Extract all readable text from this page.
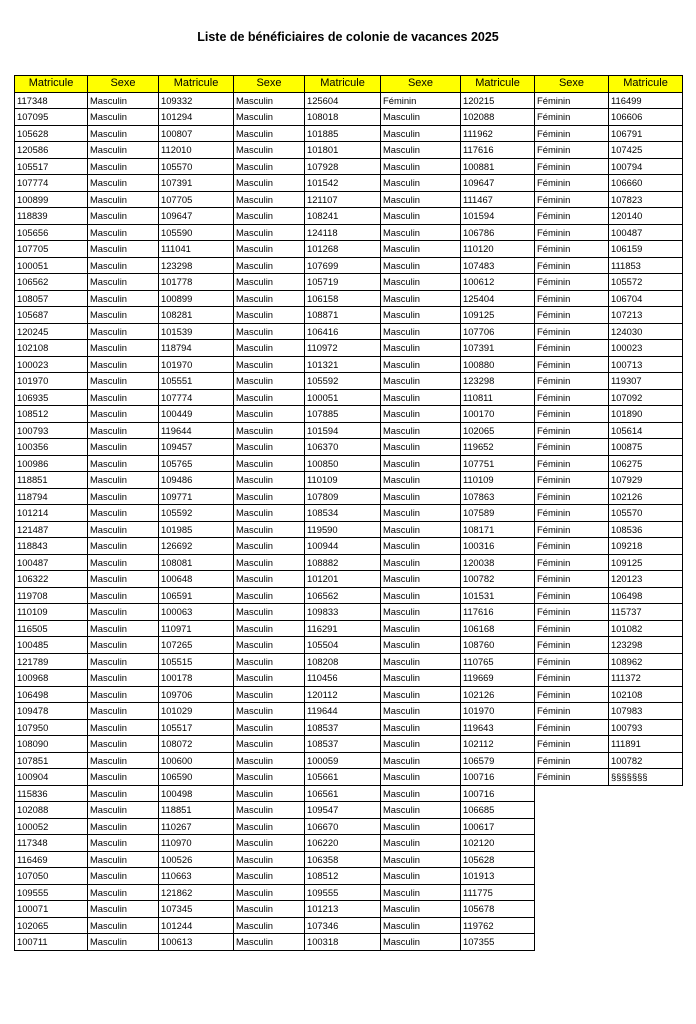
Liste de bénéficiaires de colonie de vacances 2025
Matricule	Sexe	Matricule	Sexe	Matricule	Sexe	Matricule	Sexe	Matricule
117348	Masculin	109332	Masculin	125604	Féminin	120215	Féminin	116499
107095	Masculin	101294	Masculin	108018	Masculin	102088	Féminin	106606
105628	Masculin	100807	Masculin	101885	Masculin	111962	Féminin	106791
120586	Masculin	112010	Masculin	101801	Masculin	117616	Féminin	107425
105517	Masculin	105570	Masculin	107928	Masculin	100881	Féminin	100794
107774	Masculin	107391	Masculin	101542	Masculin	109647	Féminin	106660
100899	Masculin	107705	Masculin	121107	Masculin	111467	Féminin	107823
118839	Masculin	109647	Masculin	108241	Masculin	101594	Féminin	120140
105656	Masculin	105590	Masculin	124118	Masculin	106786	Féminin	100487
107705	Masculin	111041	Masculin	101268	Masculin	110120	Féminin	106159
100051	Masculin	123298	Masculin	107699	Masculin	107483	Féminin	111853
106562	Masculin	101778	Masculin	105719	Masculin	100612	Féminin	105572
108057	Masculin	100899	Masculin	106158	Masculin	125404	Féminin	106704
105687	Masculin	108281	Masculin	108871	Masculin	109125	Féminin	107213
120245	Masculin	101539	Masculin	106416	Masculin	107706	Féminin	124030
102108	Masculin	118794	Masculin	110972	Masculin	107391	Féminin	100023
100023	Masculin	101970	Masculin	101321	Masculin	100880	Féminin	100713
101970	Masculin	105551	Masculin	105592	Masculin	123298	Féminin	119307
106935	Masculin	107774	Masculin	100051	Masculin	110811	Féminin	107092
108512	Masculin	100449	Masculin	107885	Masculin	100170	Féminin	101890
100793	Masculin	119644	Masculin	101594	Masculin	102065	Féminin	105614
100356	Masculin	109457	Masculin	106370	Masculin	119652	Féminin	100875
100986	Masculin	105765	Masculin	100850	Masculin	107751	Féminin	106275
118851	Masculin	109486	Masculin	110109	Masculin	110109	Féminin	107929
118794	Masculin	109771	Masculin	107809	Masculin	107863	Féminin	102126
101214	Masculin	105592	Masculin	108534	Masculin	107589	Féminin	105570
121487	Masculin	101985	Masculin	119590	Masculin	108171	Féminin	108536
118843	Masculin	126692	Masculin	100944	Masculin	100316	Féminin	109218
100487	Masculin	108081	Masculin	108882	Masculin	120038	Féminin	109125
106322	Masculin	100648	Masculin	101201	Masculin	100782	Féminin	120123
119708	Masculin	106591	Masculin	106562	Masculin	101531	Féminin	106498
110109	Masculin	100063	Masculin	109833	Masculin	117616	Féminin	115737
116505	Masculin	110971	Masculin	116291	Masculin	106168	Féminin	101082
100485	Masculin	107265	Masculin	105504	Masculin	108760	Féminin	123298
121789	Masculin	105515	Masculin	108208	Masculin	110765	Féminin	108962
100968	Masculin	100178	Masculin	110456	Masculin	119669	Féminin	111372
106498	Masculin	109706	Masculin	120112	Masculin	102126	Féminin	102108
109478	Masculin	101029	Masculin	119644	Masculin	101970	Féminin	107983
107950	Masculin	105517	Masculin	108537	Masculin	119643	Féminin	100793
108090	Masculin	108072	Masculin	108537	Masculin	102112	Féminin	111891
107851	Masculin	100600	Masculin	100059	Masculin	106579	Féminin	100782
100904	Masculin	106590	Masculin	105661	Masculin	100716	Féminin	§§§§§§§
115836	Masculin	100498	Masculin	106561	Masculin	100716		
102088	Masculin	118851	Masculin	109547	Masculin	106685		
100052	Masculin	110267	Masculin	106670	Masculin	100617		
117348	Masculin	110970	Masculin	106220	Masculin	102120		
116469	Masculin	100526	Masculin	106358	Masculin	105628		
107050	Masculin	110663	Masculin	108512	Masculin	101913		
109555	Masculin	121862	Masculin	109555	Masculin	111775		
100071	Masculin	107345	Masculin	101213	Masculin	105678		
102065	Masculin	101244	Masculin	107346	Masculin	119762		
100711	Masculin	100613	Masculin	100318	Masculin	107355		
